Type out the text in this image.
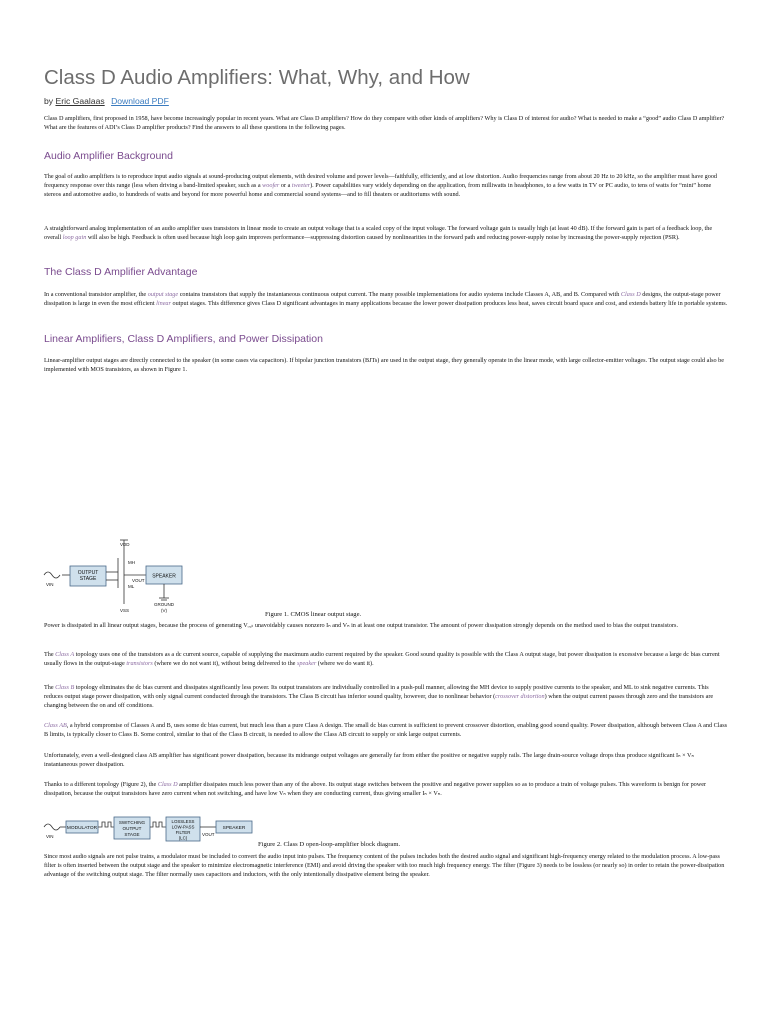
Class D Audio Amplifiers: What, Why, and How
by Eric Gaalaas Download PDF

Class D amplifiers, first proposed in 1958, have become increasingly popular in recent years. What are Class D amplifiers? How do they compare with other kinds of amplifiers? Why is Class D of interest for audio? What is needed to make a “good” audio Class D amplifier? What are the features of ADI’s Class D amplifier products? Find the answers to all these questions in the following pages.

Audio Amplifier Background

The goal of audio amplifiers is to reproduce input audio signals at sound-producing output elements, with desired volume and power levels—faithfully, efficiently, and at low distortion. Audio frequencies range from about 20 Hz to 20 kHz, so the amplifier must have good frequency response over this range (less when driving a band-limited speaker, such as a woofer or a tweeter). Power capabilities vary widely depending on the application, from milliwatts in headphones, to a few watts in TV or PC audio, to tens of watts for “mini” home stereos and automotive audio, to hundreds of watts and beyond for more powerful home and commercial sound systems—and to fill theaters or auditoriums with sound.

A straightforward analog implementation of an audio amplifier uses transistors in linear mode to create an output voltage that is a scaled copy of the input voltage. The forward voltage gain is usually high (at least 40 dB). If the forward gain is part of a feedback loop, the overall loop gain will also be high. Feedback is often used because high loop gain improves performance—suppressing distortion caused by nonlinearities in the forward path and reducing power-supply noise by increasing the power-supply rejection (PSR).

The Class D Amplifier Advantage

In a conventional transistor amplifier, the output stage contains transistors that supply the instantaneous continuous output current. The many possible implementations for audio systems include Classes A, AB, and B. Compared with Class D designs, the output-stage power dissipation is large in even the most efficient linear output stages. This difference gives Class D significant advantages in many applications because the lower power dissipation produces less heat, saves circuit board space and cost, and extends battery life in portable systems.

Linear Amplifiers, Class D Amplifiers, and Power Dissipation

Linear-amplifier output stages are directly connected to the speaker (in some cases via capacitors). If bipolar junction transistors (BJTs) are used in the output stage, they generally operate in the linear mode, with large collector-emitter voltages. The output stage could also be implemented with MOS transistors, as shown in Figure 1.

OUTPUT
STAGE	SPEAKER
VDD
VSS
MH
ML
VIN
VOUT
GROUND
(V)
Figure 1. CMOS linear output stage.

Power is dissipated in all linear output stages, because the process of generating Vₒᵤₜ unavoidably causes nonzero Iₙ and Vₙ in at least one output transistor. The amount of power dissipation strongly depends on the method used to bias the output transistors.

The Class A topology uses one of the transistors as a dc current source, capable of supplying the maximum audio current required by the speaker. Good sound quality is possible with the Class A output stage, but power dissipation is excessive because a large dc bias current usually flows in the output-stage transistors (where we do not want it), without being delivered to the speaker (where we do want it).

The Class B topology eliminates the dc bias current and dissipates significantly less power. Its output transistors are individually controlled in a push-pull manner, allowing the MH device to supply positive currents to the speaker, and ML to sink negative currents. This reduces output stage power dissipation, with only signal current conducted through the transistors. The Class B circuit has inferior sound quality, however, due to nonlinear behavior (crossover distortion) when the output current passes through zero and the transistors are changing between the on and off conditions.

Class AB, a hybrid compromise of Classes A and B, uses some dc bias current, but much less than a pure Class A design. The small dc bias current is sufficient to prevent crossover distortion, enabling good sound quality. Power dissipation, although between Class A and Class B limits, is typically closer to Class B. Some control, similar to that of the Class B circuit, is needed to allow the Class AB circuit to supply or sink large output currents.

Unfortunately, even a well-designed class AB amplifier has significant power dissipation, because its midrange output voltages are generally far from either the positive or negative supply rails. The large drain-source voltage drops thus produce significant Iₙ × Vₙ instantaneous power dissipation.

Thanks to a different topology (Figure 2), the Class D amplifier dissipates much less power than any of the above. Its output stage switches between the positive and negative power supplies so as to produce a train of voltage pulses. This waveform is benign for power dissipation, because the output transistors have zero current when not switching, and have low Vₙ when they are conducting current, thus giving smaller Iₙ × Vₙ.

MODULATOR
SWITCHING
OUTPUT
STAGE
LOSSLESS
LOW-PASS
FILTER
(LC)
SPEAKER
VIN	VOUT
Figure 2. Class D open-loop-amplifier block diagram.

Since most audio signals are not pulse trains, a modulator must be included to convert the audio input into pulses. The frequency content of the pulses includes both the desired audio signal and significant high-frequency energy related to the modulation process. A low-pass filter is often inserted between the output stage and the speaker to minimize electromagnetic interference (EMI) and avoid driving the speaker with too much high frequency energy. The filter (Figure 3) needs to be lossless (or nearly so) in order to retain the power-dissipation advantage of the switching output stage. The filter normally uses capacitors and inductors, with the only intentionally dissipative element being the speaker.
